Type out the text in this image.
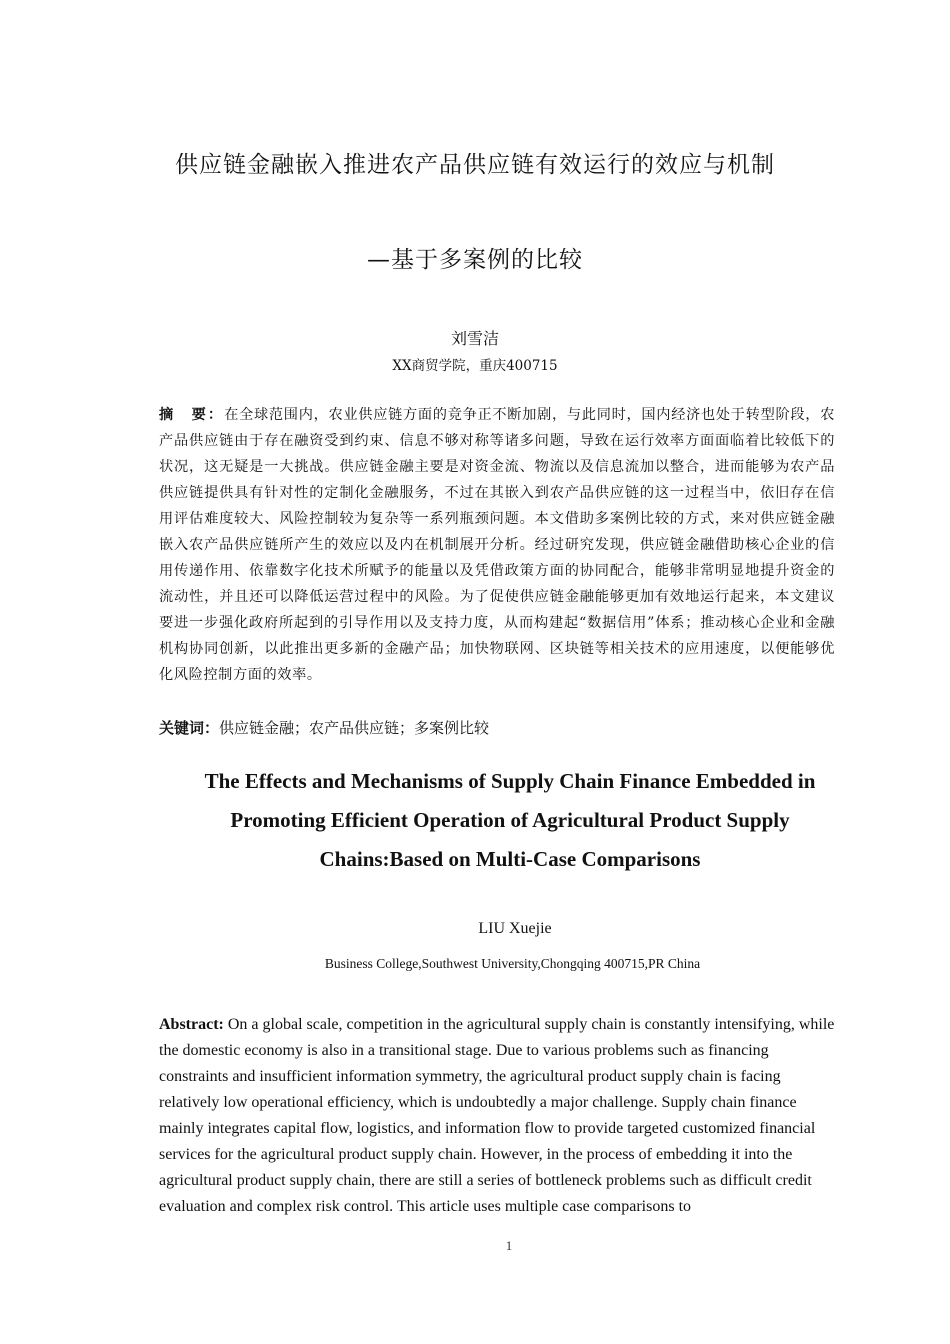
供应链金融嵌入推进农产品供应链有效运行的效应与机制
—基于多案例的比较
刘雪洁
XX商贸学院，重庆400715
摘　要：在全球范围内，农业供应链方面的竞争正不断加剧，与此同时，国内经济也处于转型阶段，农产品供应链由于存在融资受到约束、信息不够对称等诸多问题，导致在运行效率方面面临着比较低下的状况，这无疑是一大挑战。供应链金融主要是对资金流、物流以及信息流加以整合，进而能够为农产品供应链提供具有针对性的定制化金融服务，不过在其嵌入到农产品供应链的这一过程当中，依旧存在信用评估难度较大、风险控制较为复杂等一系列瓶颈问题。本文借助多案例比较的方式，来对供应链金融嵌入农产品供应链所产生的效应以及内在机制展开分析。经过研究发现，供应链金融借助核心企业的信用传递作用、依靠数字化技术所赋予的能量以及凭借政策方面的协同配合，能够非常明显地提升资金的流动性，并且还可以降低运营过程中的风险。为了促使供应链金融能够更加有效地运行起来，本文建议要进一步强化政府所起到的引导作用以及支持力度，从而构建起“数据信用”体系；推动核心企业和金融机构协同创新，以此推出更多新的金融产品；加快物联网、区块链等相关技术的应用速度，以便能够优化风险控制方面的效率。
关键词：供应链金融；农产品供应链；多案例比较
The Effects and Mechanisms of Supply Chain Finance Embedded in Promoting Efficient Operation of Agricultural Product Supply Chains:Based on Multi-Case Comparisons
LIU Xuejie
Business College,Southwest University,Chongqing 400715,PR China
Abstract: On a global scale, competition in the agricultural supply chain is constantly intensifying, while the domestic economy is also in a transitional stage. Due to various problems such as financing constraints and insufficient information symmetry, the agricultural product supply chain is facing relatively low operational efficiency, which is undoubtedly a major challenge. Supply chain finance mainly integrates capital flow, logistics, and information flow to provide targeted customized financial services for the agricultural product supply chain. However, in the process of embedding it into the agricultural product supply chain, there are still a series of bottleneck problems such as difficult credit evaluation and complex risk control. This article uses multiple case comparisons to
1
